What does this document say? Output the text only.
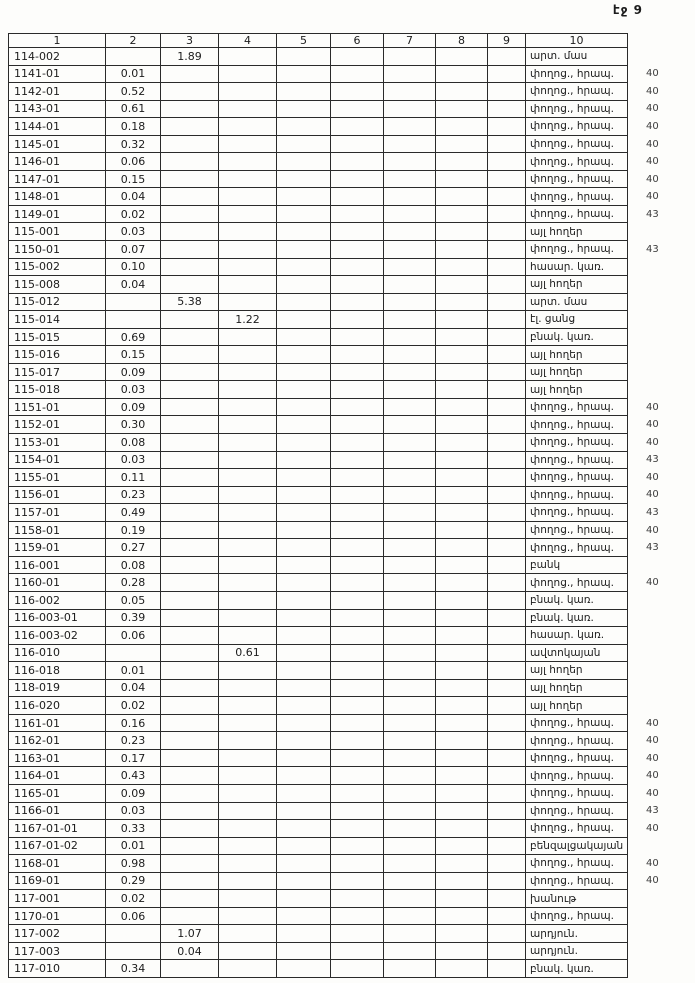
էջ 9
1	2	3	4	5	6	7	8	9	10	
114-002		1.89							արտ. մաս	
1141-01	0.01								փողոց., հրապ.	40
1142-01	0.52								փողոց., հրապ.	40
1143-01	0.61								փողոց., հրապ.	40
1144-01	0.18								փողոց., հրապ.	40
1145-01	0.32								փողոց., հրապ.	40
1146-01	0.06								փողոց., հրապ.	40
1147-01	0.15								փողոց., հրապ.	40
1148-01	0.04								փողոց., հրապ.	40
1149-01	0.02								փողոց., հրապ.	43
115-001	0.03								այլ հողեր	
1150-01	0.07								փողոց., հրապ.	43
115-002	0.10								հասար. կառ.	
115-008	0.04								այլ հողեր	
115-012		5.38							արտ. մաս	
115-014			1.22						էլ. ցանց	
115-015	0.69								բնակ. կառ.	
115-016	0.15								այլ հողեր	
115-017	0.09								այլ հողեր	
115-018	0.03								այլ հողեր	
1151-01	0.09								փողոց., հրապ.	40
1152-01	0.30								փողոց., հրապ.	40
1153-01	0.08								փողոց., հրապ.	40
1154-01	0.03								փողոց., հրապ.	43
1155-01	0.11								փողոց., հրապ.	40
1156-01	0.23								փողոց., հրապ.	40
1157-01	0.49								փողոց., հրապ.	43
1158-01	0.19								փողոց., հրապ.	40
1159-01	0.27								փողոց., հրապ.	43
116-001	0.08								բանկ	
1160-01	0.28								փողոց., հրապ.	40
116-002	0.05								բնակ. կառ.	
116-003-01	0.39								բնակ. կառ.	
116-003-02	0.06								հասար. կառ.	
116-010			0.61						ավտոկայան	
116-018	0.01								այլ հողեր	
118-019	0.04								այլ հողեր	
116-020	0.02								այլ հողեր	
1161-01	0.16								փողոց., հրապ.	40
1162-01	0.23								փողոց., հրապ.	40
1163-01	0.17								փողոց., հրապ.	40
1164-01	0.43								փողոց., հրապ.	40
1165-01	0.09								փողոց., հրապ.	40
1166-01	0.03								փողոց., հրապ.	43
1167-01-01	0.33								փողոց., հրապ.	40
1167-01-02	0.01								բենզալցակայան	
1168-01	0.98								փողոց., հրապ.	40
1169-01	0.29								փողոց., հրապ.	40
117-001	0.02								խանութ	
1170-01	0.06								փողոց., հրապ.	
117-002		1.07							արդյուն.	
117-003		0.04							արդյուն.	
117-010	0.34								բնակ. կառ.	
